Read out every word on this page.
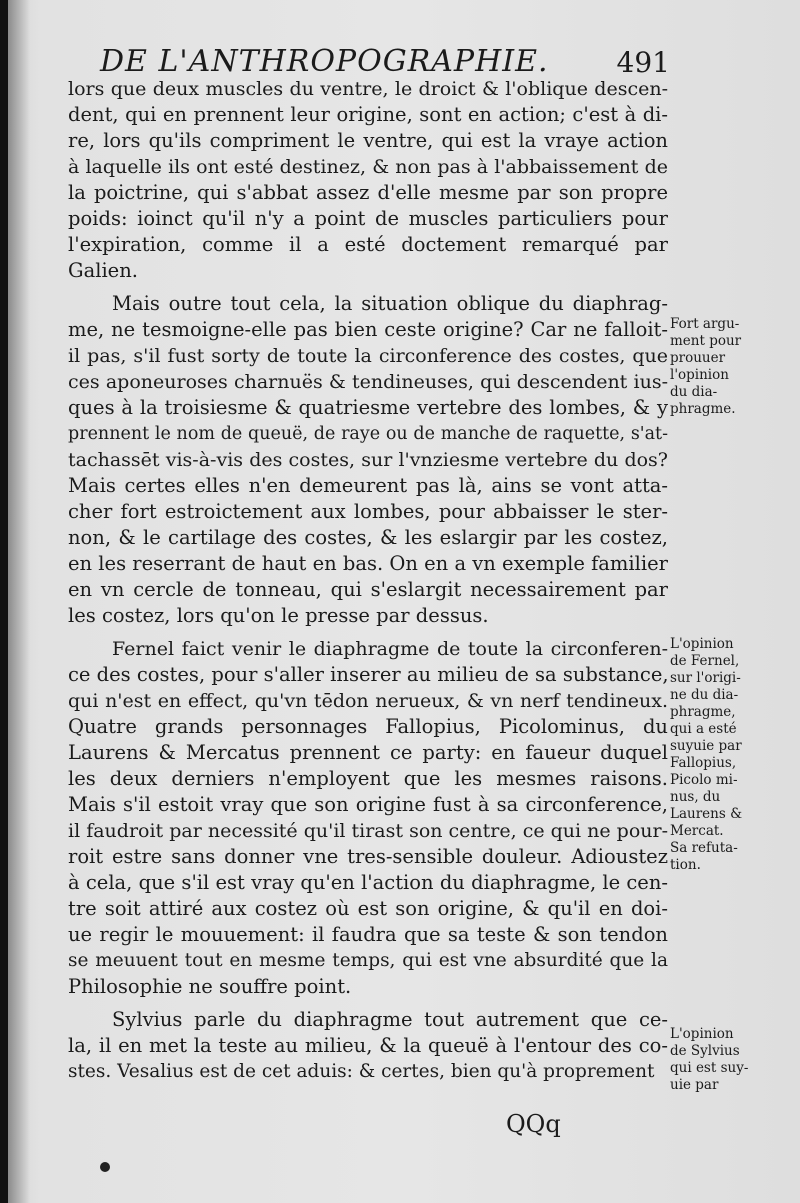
DE L'ANTHROPOGRAPHIE. 491
lors que deux muscles du ventre, le droict & l'oblique descen-
dent, qui en prennent leur origine, sont en action; c'est à di-
re, lors qu'ils compriment le ventre, qui est la vraye action
à laquelle ils ont esté destinez, & non pas à l'abbaissement de
la poictrine, qui s'abbat assez d'elle mesme par son propre
poids: ioinct qu'il n'y a point de muscles particuliers pour
l'expiration, comme il a esté doctement remarqué par
Galien.
Mais outre tout cela, la situation oblique du diaphrag-
me, ne tesmoigne-elle pas bien ceste origine? Car ne falloit-
il pas, s'il fust sorty de toute la circonference des costes, que
ces aponeuroses charnuës & tendineuses, qui descendent ius-
ques à la troisiesme & quatriesme vertebre des lombes, & y
prennent le nom de queuë, de raye ou de manche de raquette, s'at-
tachassēt vis-à-vis des costes, sur l'vnziesme vertebre du dos?
Mais certes elles n'en demeurent pas là, ains se vont atta-
cher fort estroictement aux lombes, pour abbaisser le ster-
non, & le cartilage des costes, & les eslargir par les costez,
en les reserrant de haut en bas. On en a vn exemple familier
en vn cercle de tonneau, qui s'eslargit necessairement par
les costez, lors qu'on le presse par dessus.
Fernel faict venir le diaphragme de toute la circonferen-
ce des costes, pour s'aller inserer au milieu de sa substance,
qui n'est en effect, qu'vn tēdon nerueux, & vn nerf tendineux.
Quatre grands personnages Fallopius, Picolominus, du
Laurens & Mercatus prennent ce party: en faueur duquel
les deux derniers n'employent que les mesmes raisons.
Mais s'il estoit vray que son origine fust à sa circonference,
il faudroit par necessité qu'il tirast son centre, ce qui ne pour-
roit estre sans donner vne tres-sensible douleur. Adioustez
à cela, que s'il est vray qu'en l'action du diaphragme, le cen-
tre soit attiré aux costez où est son origine, & qu'il en doi-
ue regir le mouuement: il faudra que sa teste & son tendon
se meuuent tout en mesme temps, qui est vne absurdité que la
Philosophie ne souffre point.
Sylvius parle du diaphragme tout autrement que ce-
la, il en met la teste au milieu, & la queuë à l'entour des co-
stes. Vesalius est de cet aduis: & certes, bien qu'à proprement
Fort argu-
ment pour
prouuer
l'opinion
du dia-
phragme.
L'opinion
de Fernel,
sur l'origi-
ne du dia-
phragme,
qui a esté
suyuie par
Fallopius,
Picolo mi-
nus, du
Laurens &
Mercat.
Sa refuta-
tion.
L'opinion
de Sylvius
qui est suy-
uie par
QQq
